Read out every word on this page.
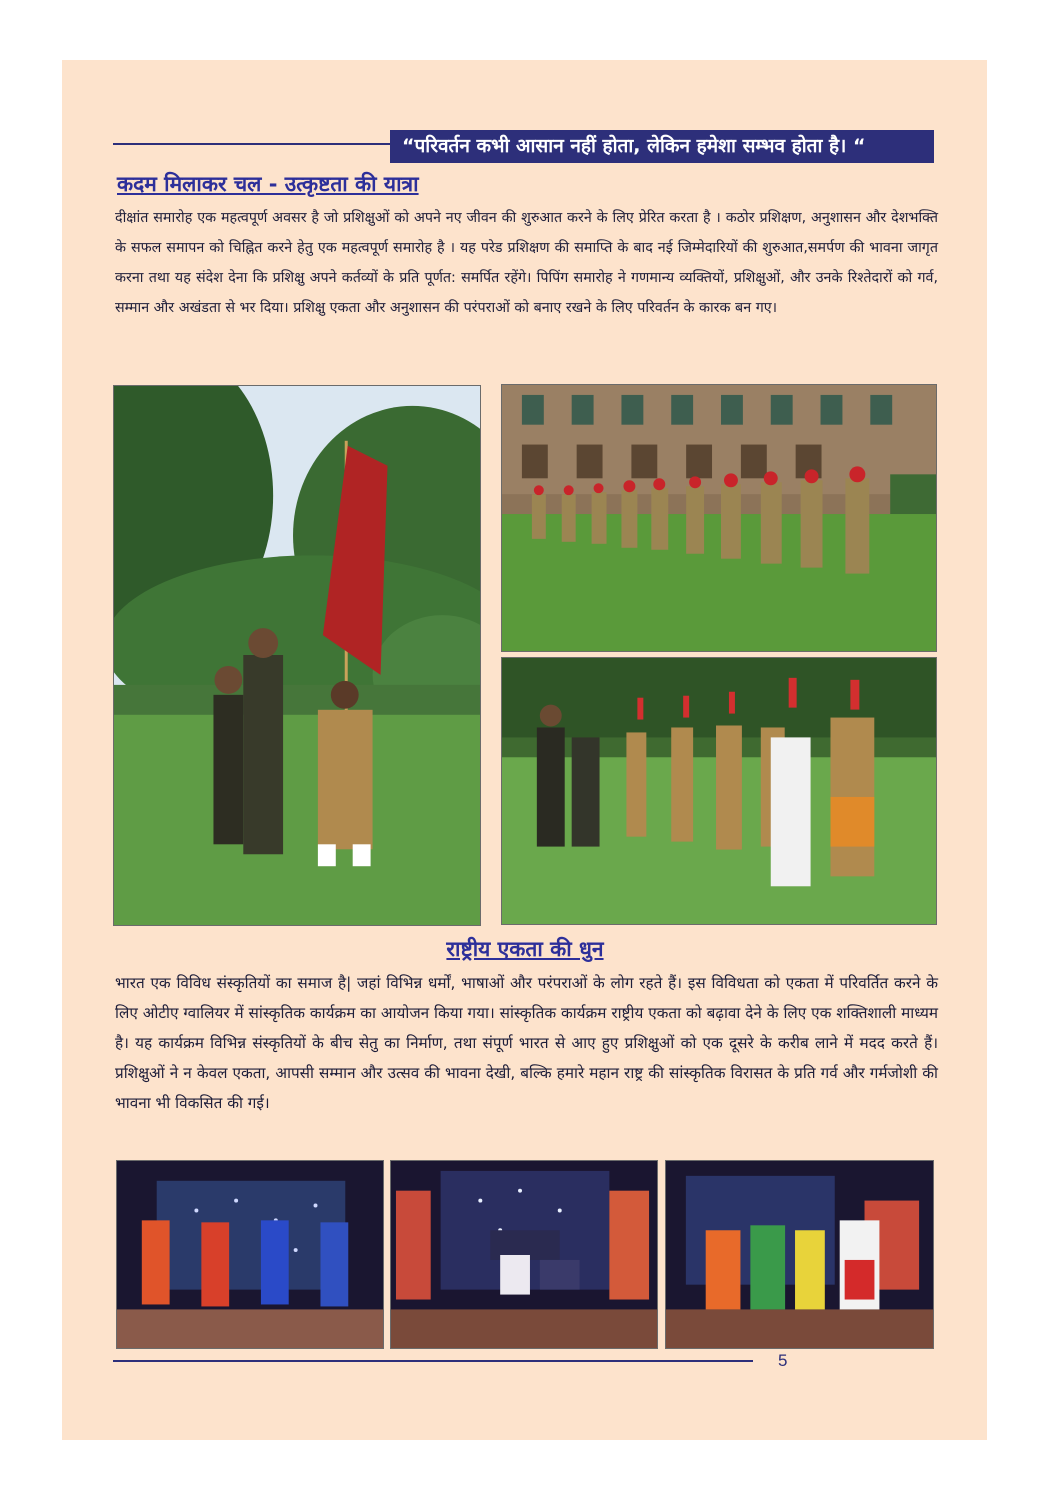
“परिवर्तन कभी आसान नहीं होता, लेकिन हमेशा सम्भव होता है। “
कदम मिलाकर चल - उत्कृष्टता की यात्रा
दीक्षांत समारोह एक महत्वपूर्ण अवसर है जो प्रशिक्षुओं को अपने नए जीवन की शुरुआत करने के लिए प्रेरित करता है । कठोर प्रशिक्षण, अनुशासन और देशभक्ति के सफल समापन को चिह्नित करने हेतु एक महत्वपूर्ण समारोह है । यह परेड प्रशिक्षण की समाप्ति के बाद नई जिम्मेदारियों की शुरुआत,समर्पण की भावना जागृत करना तथा यह संदेश देना कि प्रशिक्षु अपने कर्तव्यों के प्रति पूर्णत: समर्पित रहेंगे। पिपिंग समारोह ने गणमान्य व्यक्तियों, प्रशिक्षुओं, और उनके रिश्तेदारों को गर्व, सम्मान और अखंडता से भर दिया। प्रशिक्षु एकता और अनुशासन की परंपराओं को बनाए रखने के लिए परिवर्तन के कारक बन गए।
राष्ट्रीय एकता की धुन
भारत एक विविध संस्कृतियों का समाज है| जहां विभिन्न धर्मों, भाषाओं और परंपराओं के लोग रहते हैं। इस विविधता को एकता में परिवर्तित करने के लिए ओटीए ग्वालियर में सांस्कृतिक कार्यक्रम का आयोजन किया गया। सांस्कृतिक कार्यक्रम राष्ट्रीय एकता को बढ़ावा देने के लिए एक शक्तिशाली माध्यम है। यह कार्यक्रम विभिन्न संस्कृतियों के बीच सेतु का निर्माण, तथा संपूर्ण भारत से आए हुए प्रशिक्षुओं को एक दूसरे के करीब लाने में मदद करते हैं। प्रशिक्षुओं ने न केवल एकता, आपसी सम्मान और उत्सव की भावना देखी, बल्कि हमारे महान राष्ट्र की सांस्कृतिक विरासत के प्रति गर्व और गर्मजोशी की भावना भी विकसित की गई।
5
